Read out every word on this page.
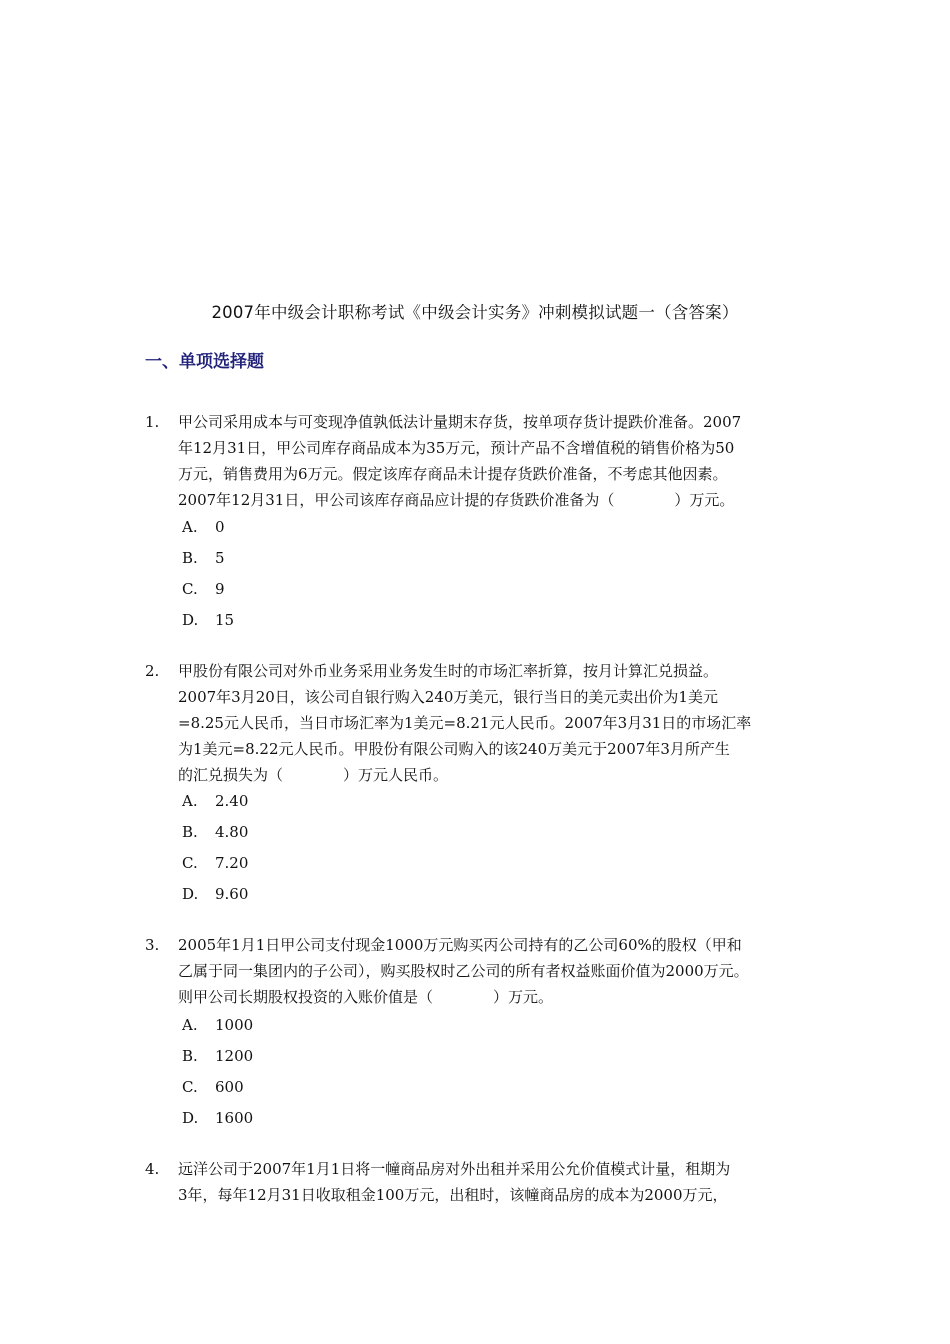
2007年中级会计职称考试《中级会计实务》冲刺模拟试题一（含答案）
一、单项选择题
1.	甲公司采用成本与可变现净值孰低法计量期末存货，按单项存货计提跌价准备。2007
年12月31日，甲公司库存商品成本为35万元，预计产品不含增值税的销售价格为50
万元，销售费用为6万元。假定该库存商品未计提存货跌价准备，不考虑其他因素。
2007年12月31日，甲公司该库存商品应计提的存货跌价准备为（　　　　）万元。
A. 0
B. 5
C. 9
D. 15
2.	甲股份有限公司对外币业务采用业务发生时的市场汇率折算，按月计算汇兑损益。
2007年3月20日，该公司自银行购入240万美元，银行当日的美元卖出价为1美元
=8.25元人民币，当日市场汇率为1美元=8.21元人民币。2007年3月31日的市场汇率
为1美元=8.22元人民币。甲股份有限公司购入的该240万美元于2007年3月所产生
的汇兑损失为（　　　　）万元人民币。
A. 2.40
B. 4.80
C. 7.20
D. 9.60
3.	2005年1月1日甲公司支付现金1000万元购买丙公司持有的乙公司60%的股权（甲和
乙属于同一集团内的子公司），购买股权时乙公司的所有者权益账面价值为2000万元。
则甲公司长期股权投资的入账价值是（　　　　）万元。
A. 1000
B. 1200
C. 600
D. 1600
4.	远洋公司于2007年1月1日将一幢商品房对外出租并采用公允价值模式计量，租期为
3年，每年12月31日收取租金100万元，出租时，该幢商品房的成本为2000万元，
